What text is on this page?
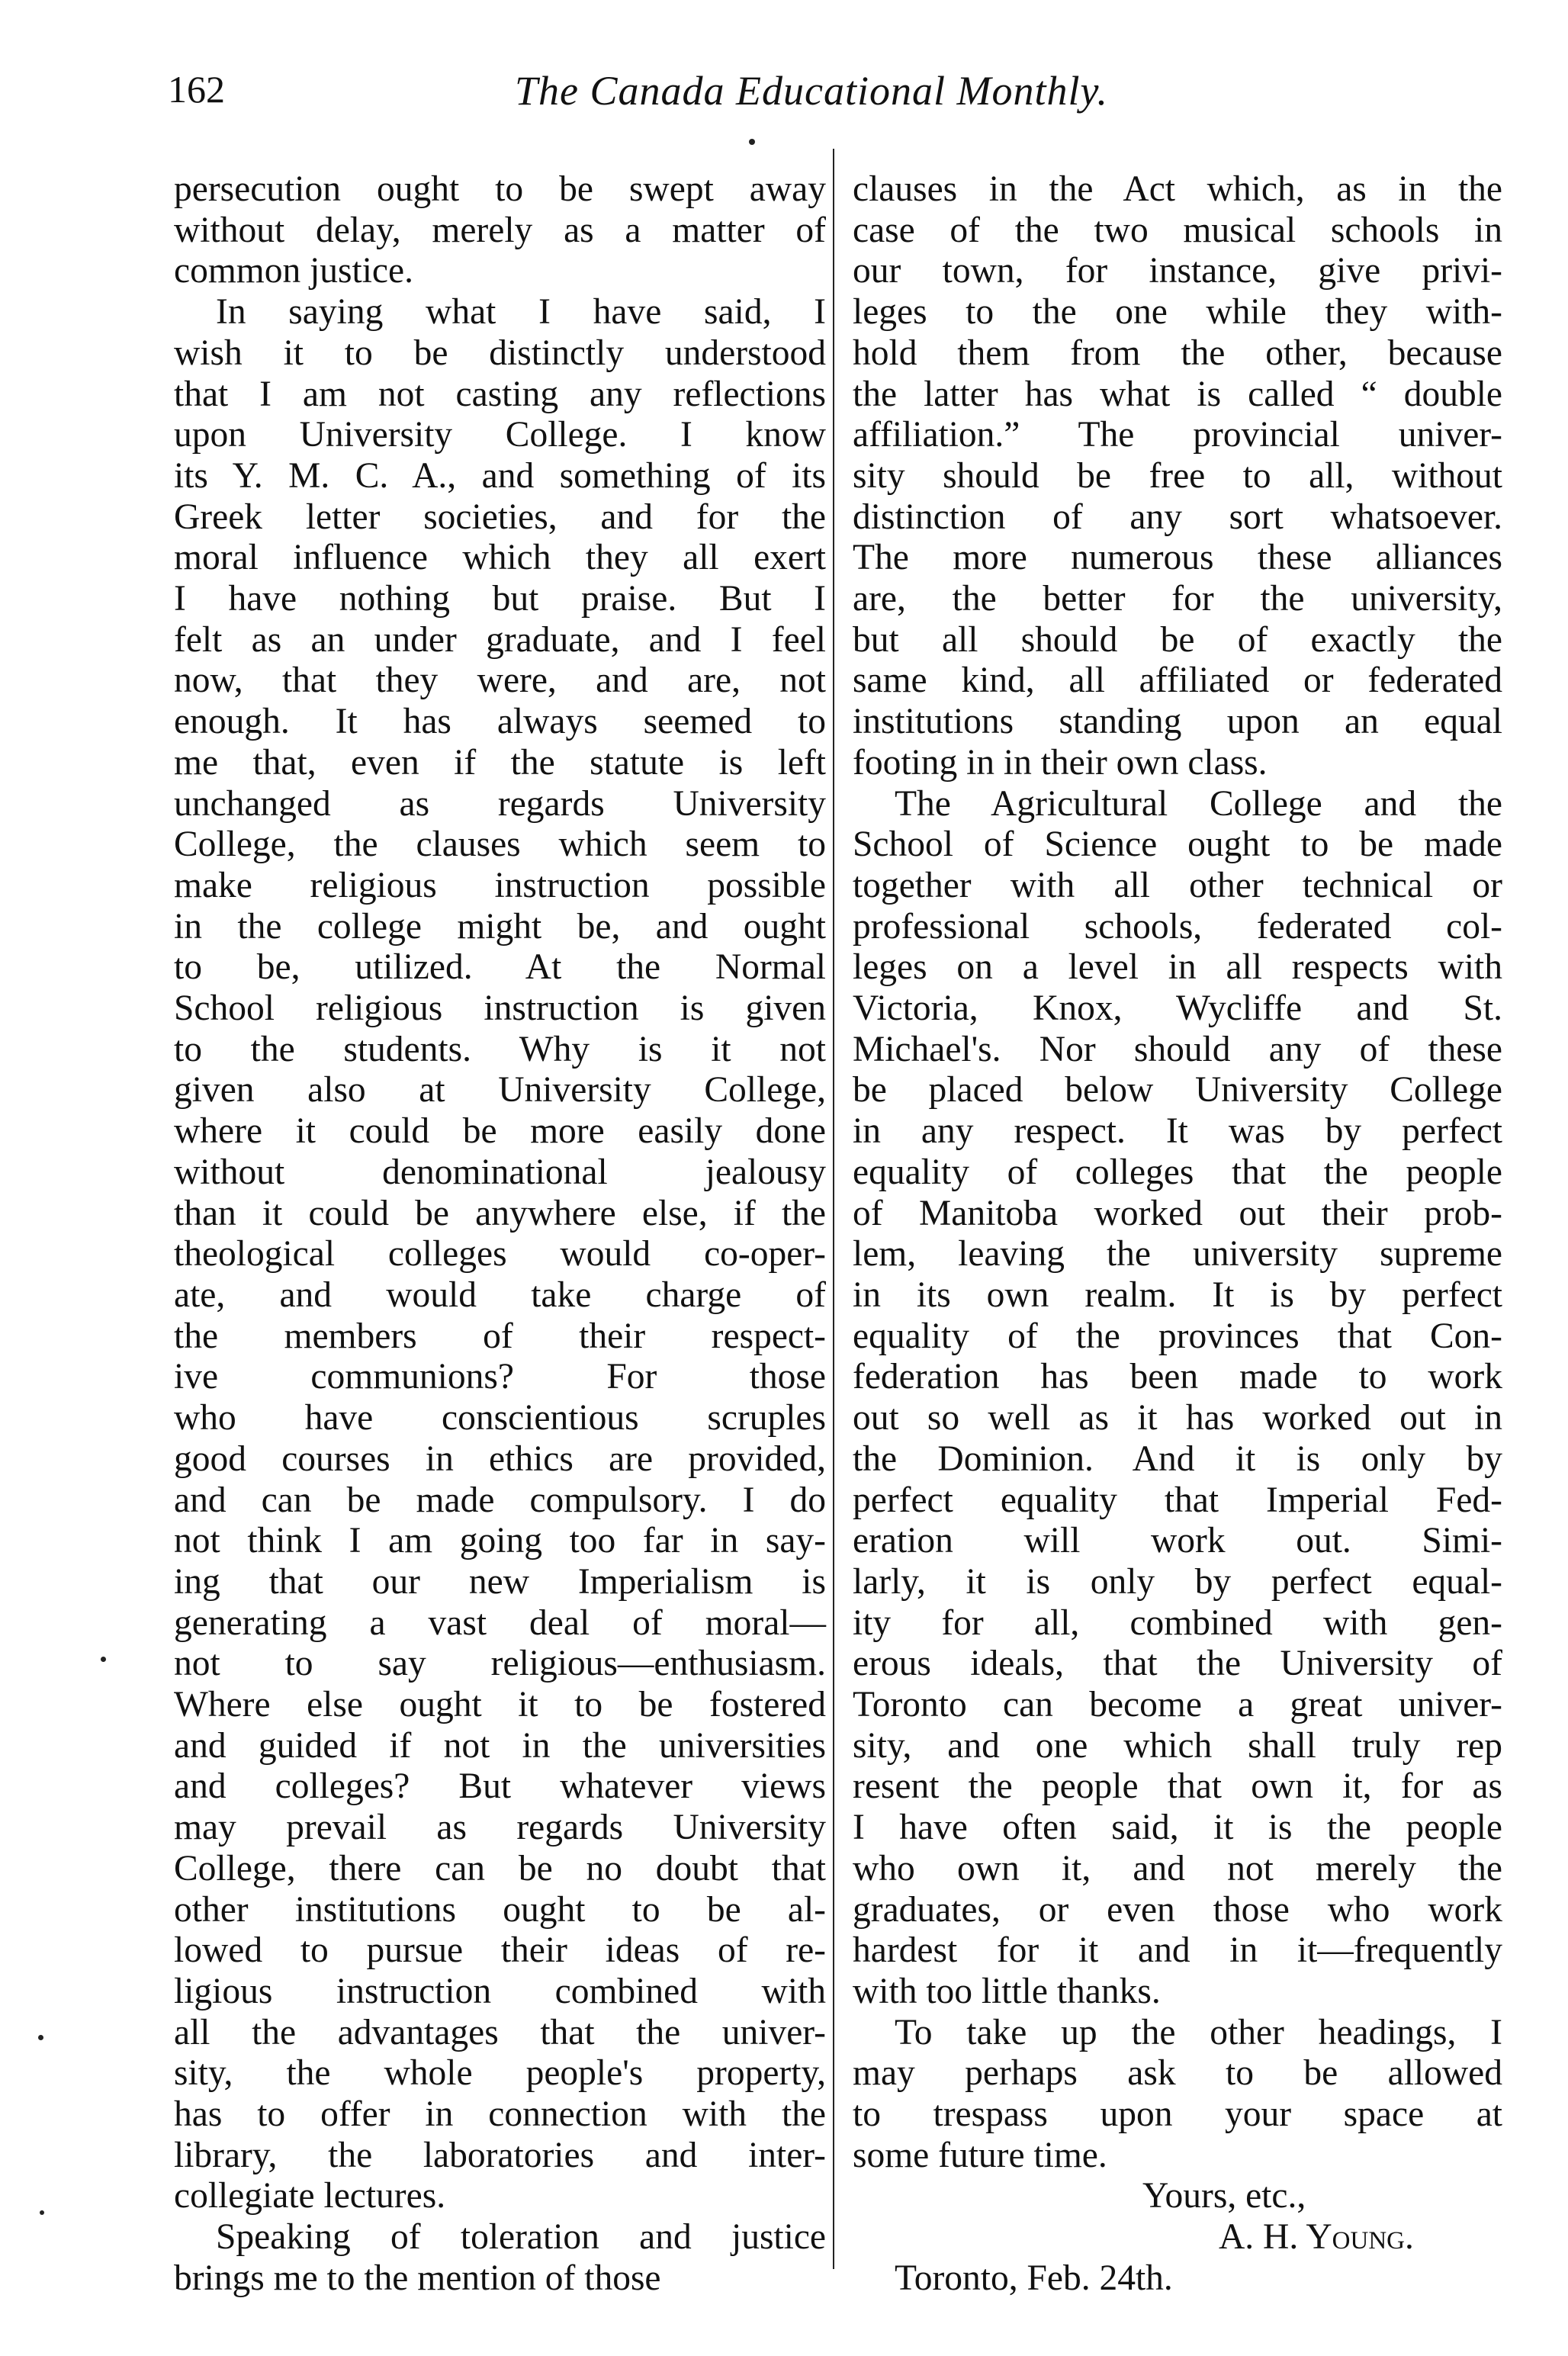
162	The Canada Educational Monthly.
persecution ought to be swept away
without delay, merely as a matter of
common justice.
In saying what I have said, I
wish it to be distinctly understood
that I am not casting any reflections
upon University College. I know
its Y. M. C. A., and something of its
Greek letter societies, and for the
moral influence which they all exert
I have nothing but praise. But I
felt as an under graduate, and I feel
now, that they were, and are, not
enough. It has always seemed to
me that, even if the statute is left
unchanged as regards University
College, the clauses which seem to
make religious instruction possible
in the college might be, and ought
to be, utilized. At the Normal
School religious instruction is given
to the students. Why is it not
given also at University College,
where it could be more easily done
without denominational jealousy
than it could be anywhere else, if the
theological colleges would co-oper-
ate, and would take charge of
the members of their respect-
ive communions? For those
who have conscientious scruples
good courses in ethics are provided,
and can be made compulsory. I do
not think I am going too far in say-
ing that our new Imperialism is
generating a vast deal of moral—
not to say religious—enthusiasm.
Where else ought it to be fostered
and guided if not in the universities
and colleges? But whatever views
may prevail as regards University
College, there can be no doubt that
other institutions ought to be al-
lowed to pursue their ideas of re-
ligious instruction combined with
all the advantages that the univer-
sity, the whole people's property,
has to offer in connection with the
library, the laboratories and inter-
collegiate lectures.
Speaking of toleration and justice
brings me to the mention of those
clauses in the Act which, as in the
case of the two musical schools in
our town, for instance, give privi-
leges to the one while they with-
hold them from the other, because
the latter has what is called “ double
affiliation.” The provincial univer-
sity should be free to all, without
distinction of any sort whatsoever.
The more numerous these alliances
are, the better for the university,
but all should be of exactly the
same kind, all affiliated or federated
institutions standing upon an equal
footing in in their own class.
The Agricultural College and the
School of Science ought to be made
together with all other technical or
professional schools, federated col-
leges on a level in all respects with
Victoria, Knox, Wycliffe and St.
Michael's. Nor should any of these
be placed below University College
in any respect. It was by perfect
equality of colleges that the people
of Manitoba worked out their prob-
lem, leaving the university supreme
in its own realm. It is by perfect
equality of the provinces that Con-
federation has been made to work
out so well as it has worked out in
the Dominion. And it is only by
perfect equality that Imperial Fed-
eration will work out. Simi-
larly, it is only by perfect equal-
ity for all, combined with gen-
erous ideals, that the University of
Toronto can become a great univer-
sity, and one which shall truly rep
resent the people that own it, for as
I have often said, it is the people
who own it, and not merely the
graduates, or even those who work
hardest for it and in it—frequently
with too little thanks.
To take up the other headings, I
may perhaps ask to be allowed
to trespass upon your space at
some future time.
Yours, etc.,
A. H. Young.
Toronto, Feb. 24th.
